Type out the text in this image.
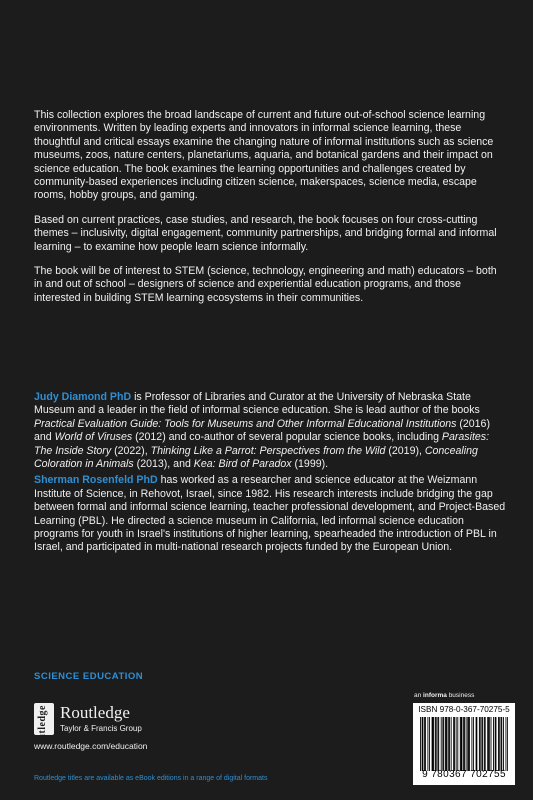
This collection explores the broad landscape of current and future out-of-school science learning environments. Written by leading experts and innovators in informal science learning, these thoughtful and critical essays examine the changing nature of informal institutions such as science museums, zoos, nature centers, planetariums, aquaria, and botanical gardens and their impact on science education. The book examines the learning opportunities and challenges created by community-based experiences including citizen science, makerspaces, science media, escape rooms, hobby groups, and gaming.

Based on current practices, case studies, and research, the book focuses on four cross-cutting themes – inclusivity, digital engagement, community partnerships, and bridging formal and informal learning – to examine how people learn science informally.

The book will be of interest to STEM (science, technology, engineering and math) educators – both in and out of school – designers of science and experiential education programs, and those interested in building STEM learning ecosystems in their communities.

Judy Diamond PhD is Professor of Libraries and Curator at the University of Nebraska State Museum and a leader in the field of informal science education. She is lead author of the books Practical Evaluation Guide: Tools for Museums and Other Informal Educational Institutions (2016) and World of Viruses (2012) and co-author of several popular science books, including Parasites: The Inside Story (2022), Thinking Like a Parrot: Perspectives from the Wild (2019), Concealing Coloration in Animals (2013), and Kea: Bird of Paradox (1999).

Sherman Rosenfeld PhD has worked as a researcher and science educator at the Weizmann Institute of Science, in Rehovot, Israel, since 1982. His research interests include bridging the gap between formal and informal science learning, teacher professional development, and Project-Based Learning (PBL). He directed a science museum in California, led informal science education programs for youth in Israel's institutions of higher learning, spearheaded the introduction of PBL in Israel, and participated in multi-national research projects funded by the European Union.

SCIENCE EDUCATION
Routledge Routledge
Taylor & Francis Group
www.routledge.com/education
Routledge titles are available as eBook editions in a range of digital formats
an informa business
ISBN 978-0-367-70275-5
9 780367 702755
